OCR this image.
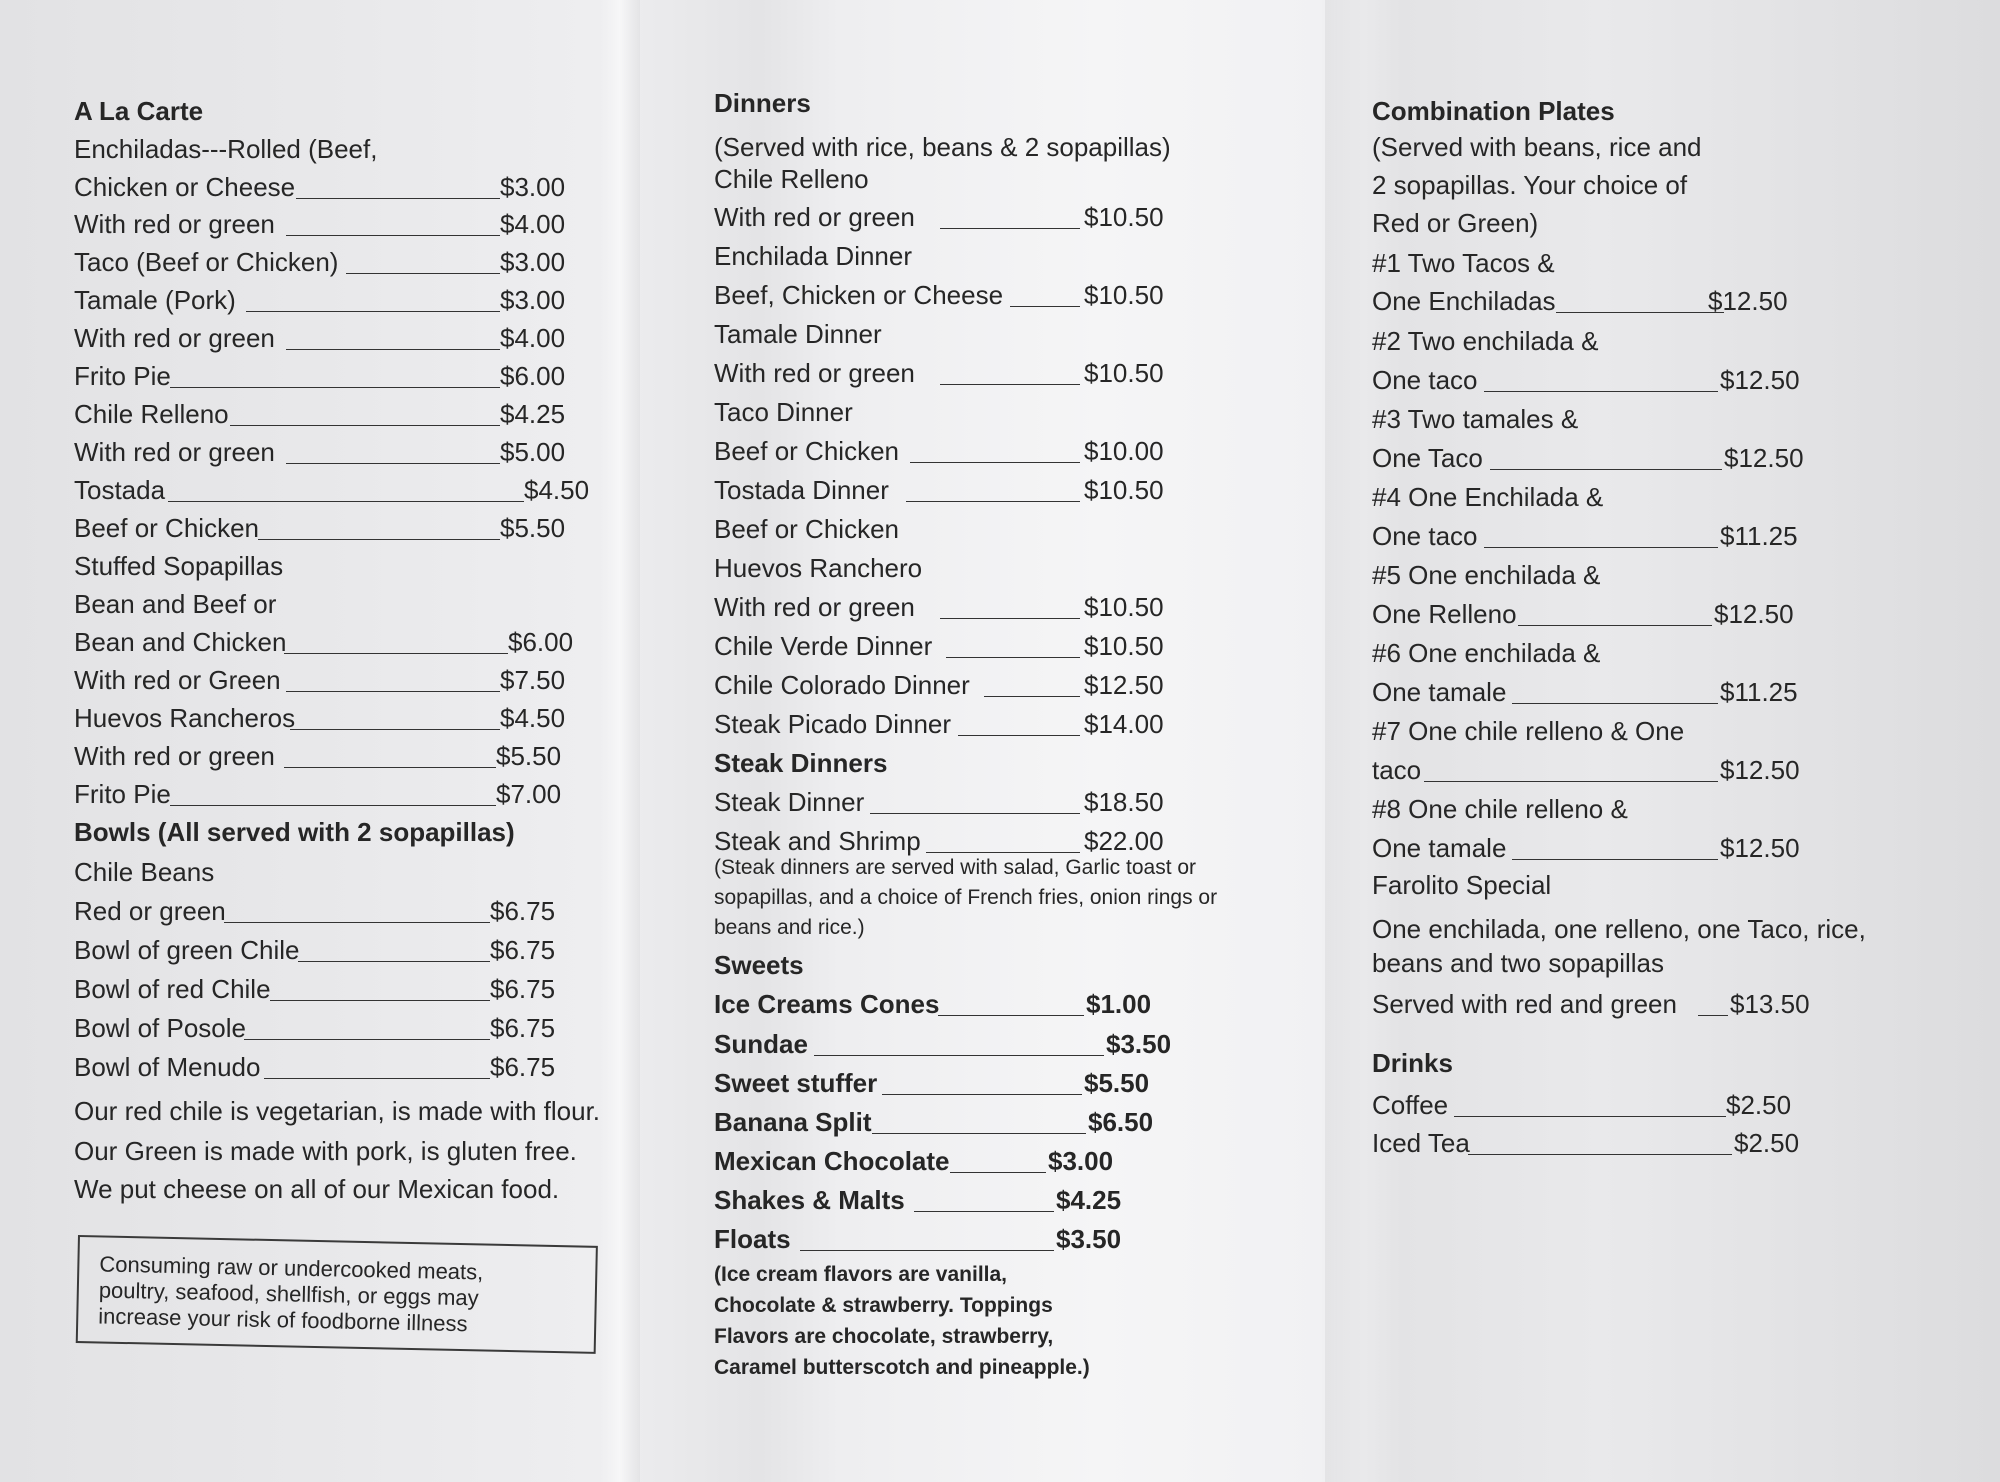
A La Carte
Enchiladas---Rolled (Beef,
Chicken or Cheese	$3.00
With red or green	$4.00
Taco (Beef or Chicken)	$3.00
Tamale (Pork)	$3.00
With red or green	$4.00
Frito Pie	$6.00
Chile Relleno	$4.25
With red or green	$5.00
Tostada	$4.50
Beef or Chicken	$5.50
Stuffed Sopapillas
Bean and Beef or
Bean and Chicken	$6.00
With red or Green	$7.50
Huevos Rancheros	$4.50
With red or green	$5.50
Frito Pie	$7.00
Bowls (All served with 2 sopapillas)
Chile Beans
Red or green	$6.75
Bowl of green Chile	$6.75
Bowl of red Chile	$6.75
Bowl of Posole	$6.75
Bowl of Menudo	$6.75
Our red chile is vegetarian, is made with flour.
Our Green is made with pork, is gluten free.
We put cheese on all of our Mexican food.
Consuming raw or undercooked meats,
poultry, seafood, shellfish, or eggs may
increase your risk of foodborne illness
Dinners
(Served with rice, beans & 2 sopapillas)
Chile Relleno
With red or green	$10.50
Enchilada Dinner
Beef, Chicken or Cheese	$10.50
Tamale Dinner
With red or green	$10.50
Taco Dinner
Beef or Chicken	$10.00
Tostada Dinner	$10.50
Beef or Chicken
Huevos Ranchero
With red or green	$10.50
Chile Verde Dinner	$10.50
Chile Colorado Dinner	$12.50
Steak Picado Dinner	$14.00
Steak Dinners
Steak Dinner	$18.50
Steak and Shrimp	$22.00
(Steak dinners are served with salad, Garlic toast or
sopapillas, and a choice of French fries, onion rings or
beans and rice.)
Sweets
Ice Creams Cones	$1.00
Sundae	$3.50
Sweet stuffer	$5.50
Banana Split	$6.50
Mexican Chocolate	$3.00
Shakes & Malts	$4.25
Floats	$3.50
(Ice cream flavors are vanilla,
Chocolate & strawberry. Toppings
Flavors are chocolate, strawberry,
Caramel butterscotch and pineapple.)
Combination Plates
(Served with beans, rice and
2 sopapillas. Your choice of
Red or Green)
#1 Two Tacos &
One Enchiladas	$12.50
#2 Two enchilada &
One taco	$12.50
#3 Two tamales &
One Taco	$12.50
#4 One Enchilada &
One taco	$11.25
#5 One enchilada &
One Relleno	$12.50
#6 One enchilada &
One tamale	$11.25
#7 One chile relleno & One
taco	$12.50
#8 One chile relleno &
One tamale	$12.50
Farolito Special
One enchilada, one relleno, one Taco, rice,
beans and two sopapillas
Served with red and green $13.50
Drinks
Coffee	$2.50
Iced Tea	$2.50
